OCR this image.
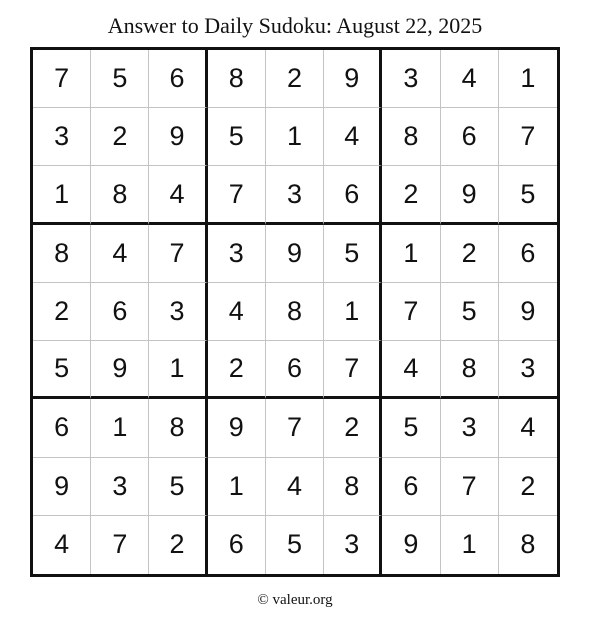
Answer to Daily Sudoku: August 22, 2025
7	5	6	8	2	9	3	4	1
3	2	9	5	1	4	8	6	7
1	8	4	7	3	6	2	9	5
8	4	7	3	9	5	1	2	6
2	6	3	4	8	1	7	5	9
5	9	1	2	6	7	4	8	3
6	1	8	9	7	2	5	3	4
9	3	5	1	4	8	6	7	2
4	7	2	6	5	3	9	1	8
© valeur.org
